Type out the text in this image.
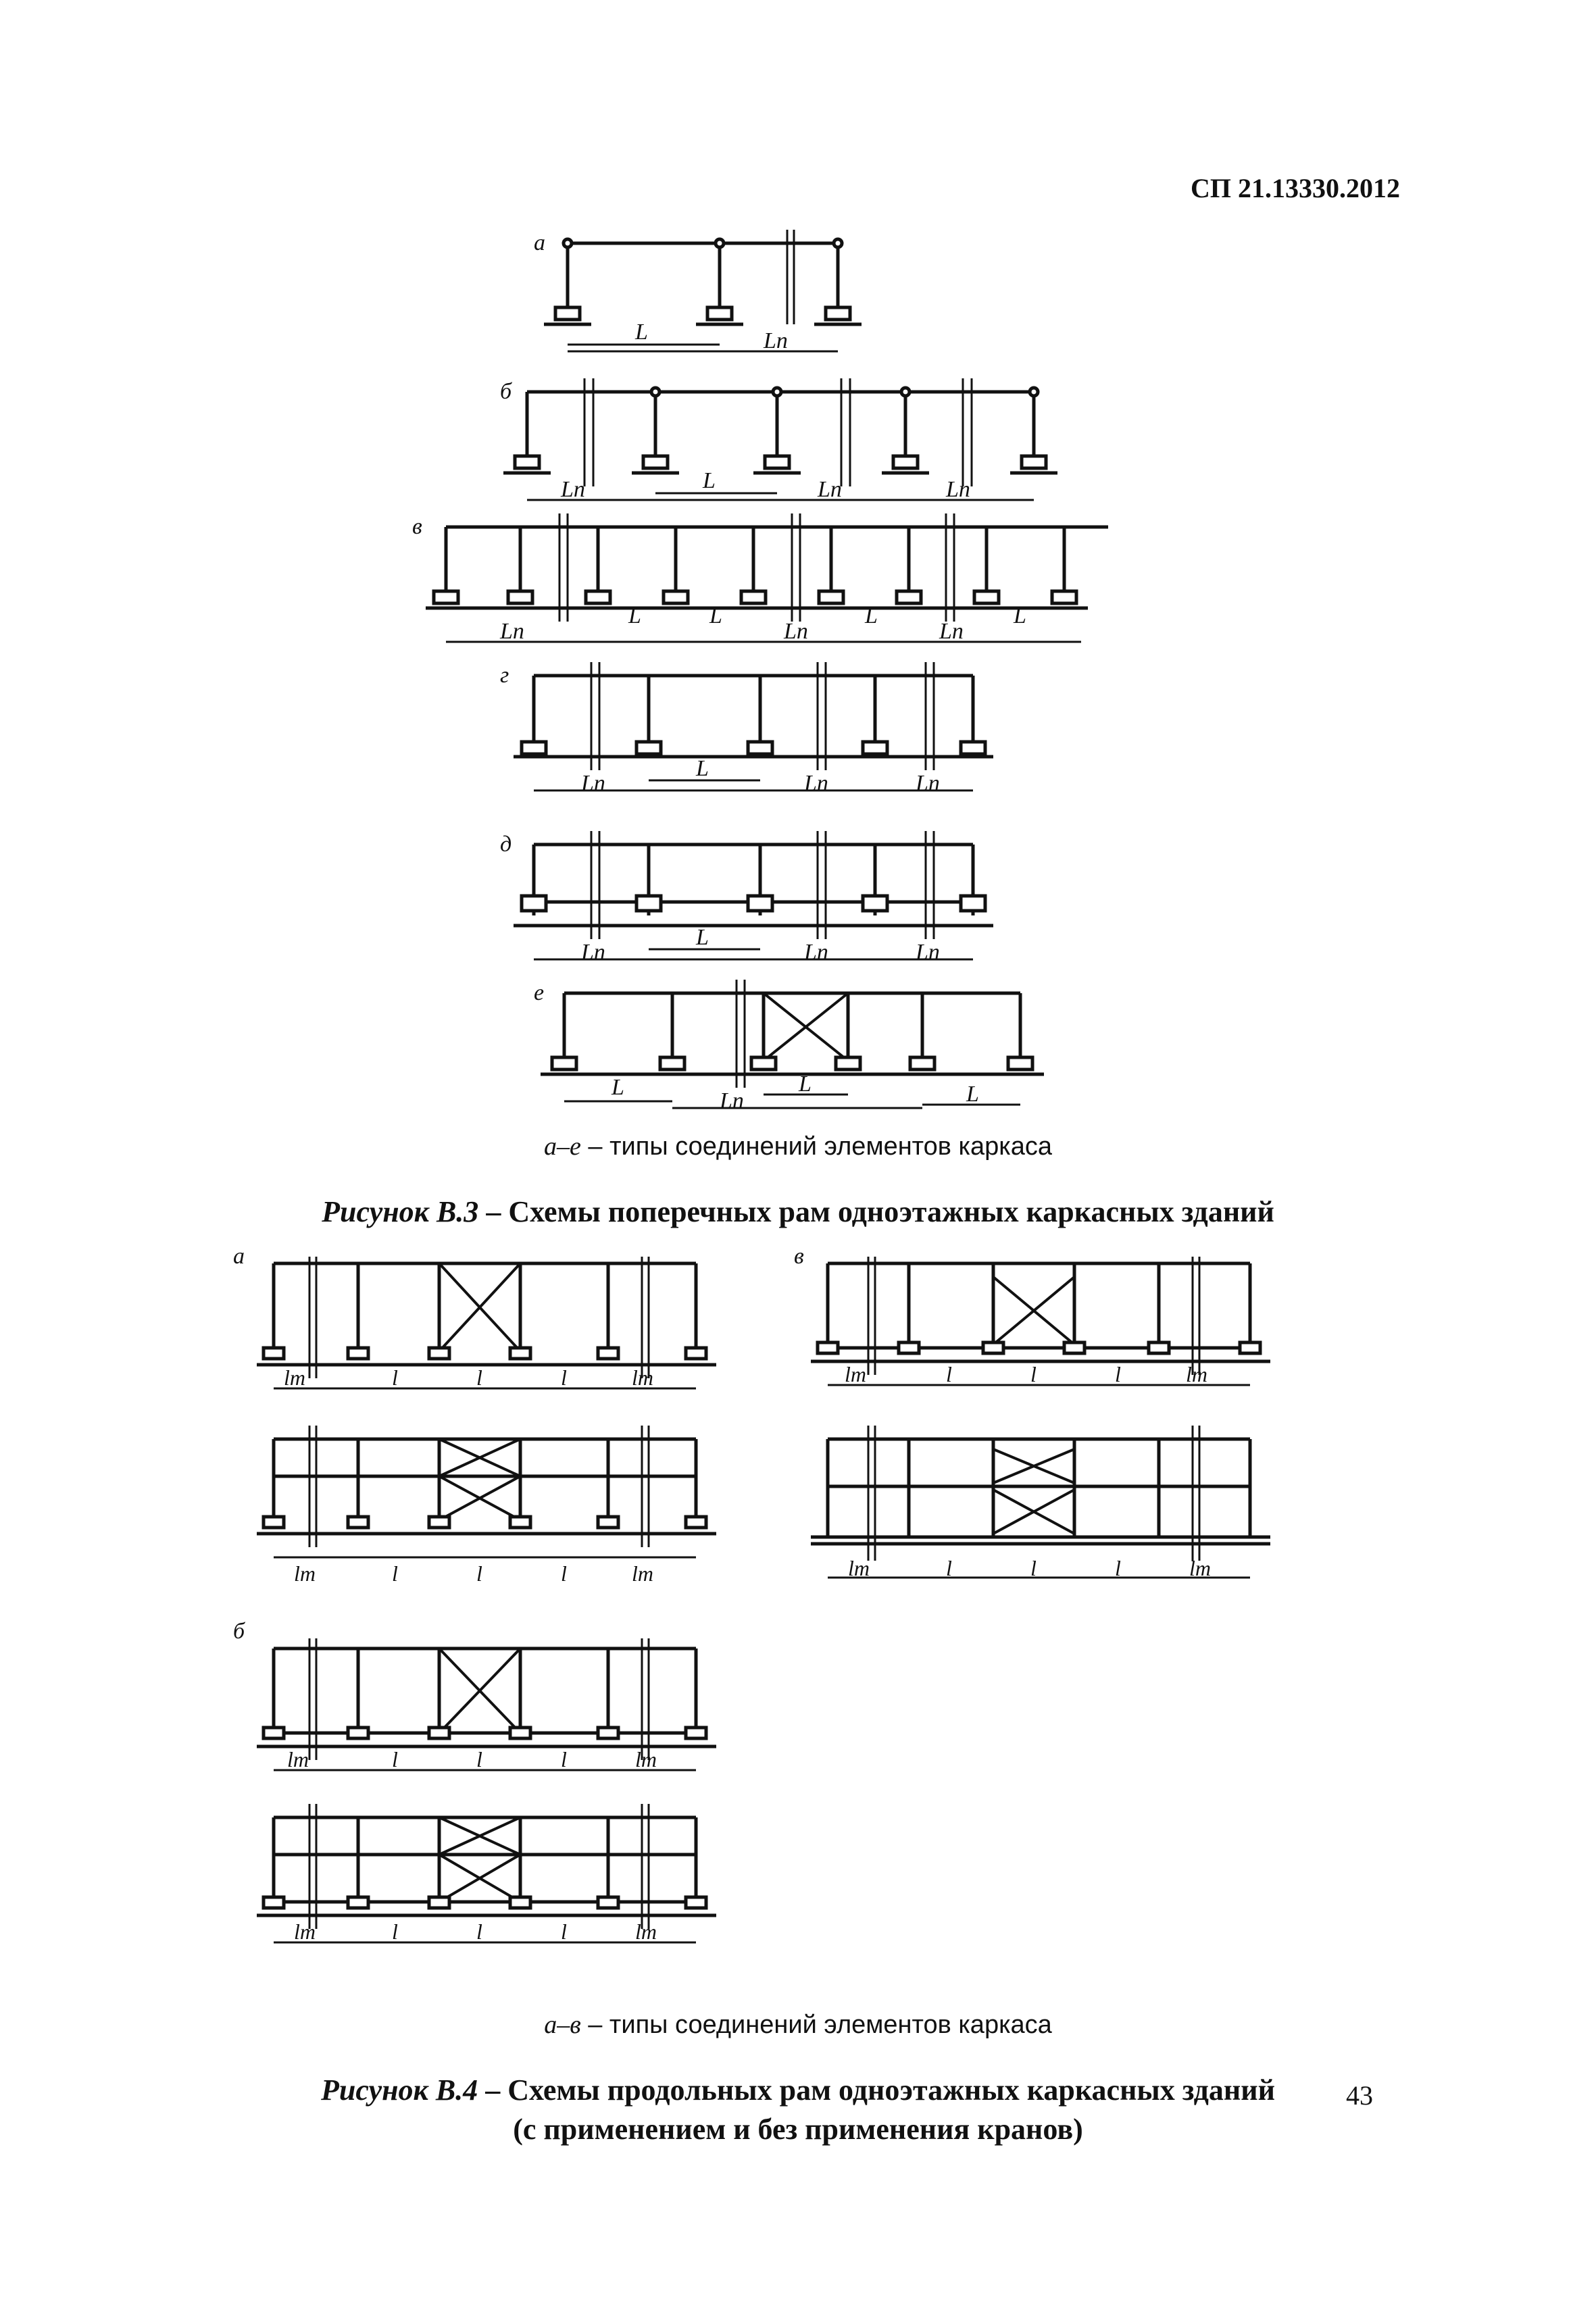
СП 21.13330.2012
а
L	Ln
б
Ln	L	Ln	Ln
в
Ln
L	L
Ln
L
Ln
L
г
Ln
L
Ln	Ln
д
Ln
L
Ln	Ln
е
L
Ln
L	L
а–е – типы соединений элементов каркаса
Рисунок В.3 – Схемы поперечных рам одноэтажных каркасных зданий
а
lm	l	l	l	lm
lm	l	l	l	lm
б
lm	l	l	l	lm
lm	l	l	l	lm
в
lm	l	l	l	lm
lm	l	l	l	lm
а–в – типы соединений элементов каркаса
Рисунок В.4 – Схемы продольных рам одноэтажных каркасных зданий
(с применением и без применения кранов)
43
